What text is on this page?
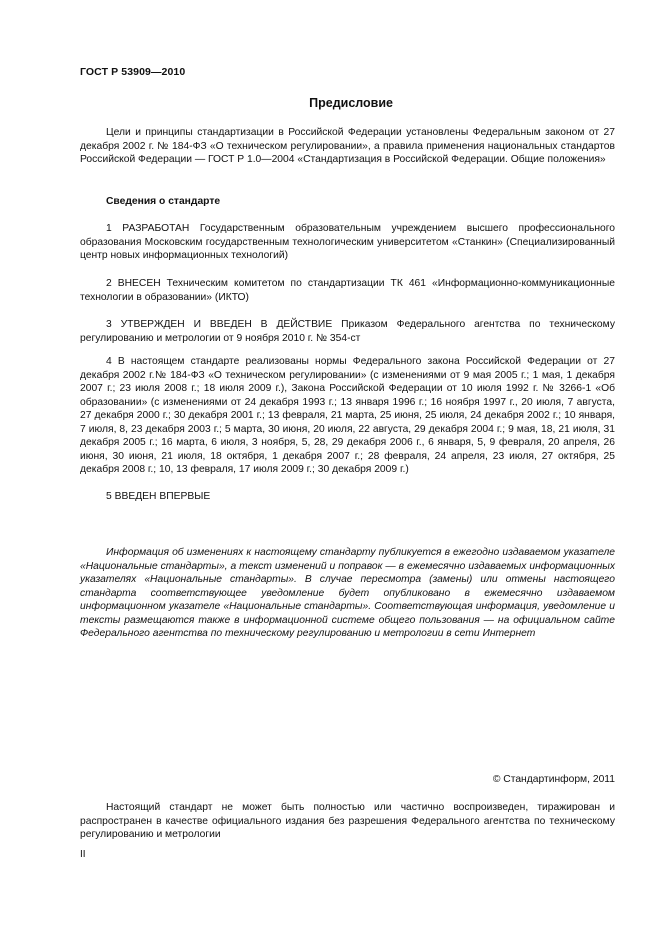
ГОСТ Р 53909—2010
Предисловие

Цели и принципы стандартизации в Российской Федерации установлены Федеральным законом от 27 декабря 2002 г. № 184-ФЗ «О техническом регулировании», а правила применения национальных стандартов Российской Федерации — ГОСТ Р 1.0—2004 «Стандартизация в Российской Федерации. Общие положения»

Сведения о стандарте

1 РАЗРАБОТАН Государственным образовательным учреждением высшего профессионального образования Московским государственным технологическим университетом «Станкин» (Специализированный центр новых информационных технологий)

2 ВНЕСЕН Техническим комитетом по стандартизации ТК 461 «Информационно-коммуникационные технологии в образовании» (ИКТО)

3 УТВЕРЖДЕН И ВВЕДЕН В ДЕЙСТВИЕ Приказом Федерального агентства по техническому регулированию и метрологии от 9 ноября 2010 г. № 354-ст

4 В настоящем стандарте реализованы нормы Федерального закона Российской Федерации от 27 декабря 2002 г.№ 184-ФЗ «О техническом регулировании» (с изменениями от 9 мая 2005 г.; 1 мая, 1 декабря 2007 г.; 23 июля 2008 г.; 18 июля 2009 г.), Закона Российской Федерации от 10 июля 1992 г. № 3266-1 «Об образовании» (с изменениями от 24 декабря 1993 г.; 13 января 1996 г.; 16 ноября 1997 г., 20 июля, 7 августа, 27 декабря 2000 г.; 30 декабря 2001 г.; 13 февраля, 21 марта, 25 июня, 25 июля, 24 декабря 2002 г.; 10 января, 7 июля, 8, 23 декабря 2003 г.; 5 марта, 30 июня, 20 июля, 22 августа, 29 декабря 2004 г.; 9 мая, 18, 21 июля, 31 декабря 2005 г.; 16 марта, 6 июля, 3 ноября, 5, 28, 29 декабря 2006 г., 6 января, 5, 9 февраля, 20 апреля, 26 июня, 30 июня, 21 июля, 18 октября, 1 декабря 2007 г.; 28 февраля, 24 апреля, 23 июля, 27 октября, 25 декабря 2008 г.; 10, 13 февраля, 17 июля 2009 г.; 30 декабря 2009 г.)

5 ВВЕДЕН ВПЕРВЫЕ

Информация об изменениях к настоящему стандарту публикуется в ежегодно издаваемом указателе «Национальные стандарты», а текст изменений и поправок — в ежемесячно издаваемых информационных указателях «Национальные стандарты». В случае пересмотра (замены) или отмены настоящего стандарта соответствующее уведомление будет опубликовано в ежемесячно издаваемом информационном указателе «Национальные стандарты». Соответствующая информация, уведомление и тексты размещаются также в информационной системе общего пользования — на официальном сайте Федерального агентства по техническому регулированию и метрологии в сети Интернет

© Стандартинформ, 2011

Настоящий стандарт не может быть полностью или частично воспроизведен, тиражирован и распространен в качестве официального издания без разрешения Федерального агентства по техническому регулированию и метрологии

II
